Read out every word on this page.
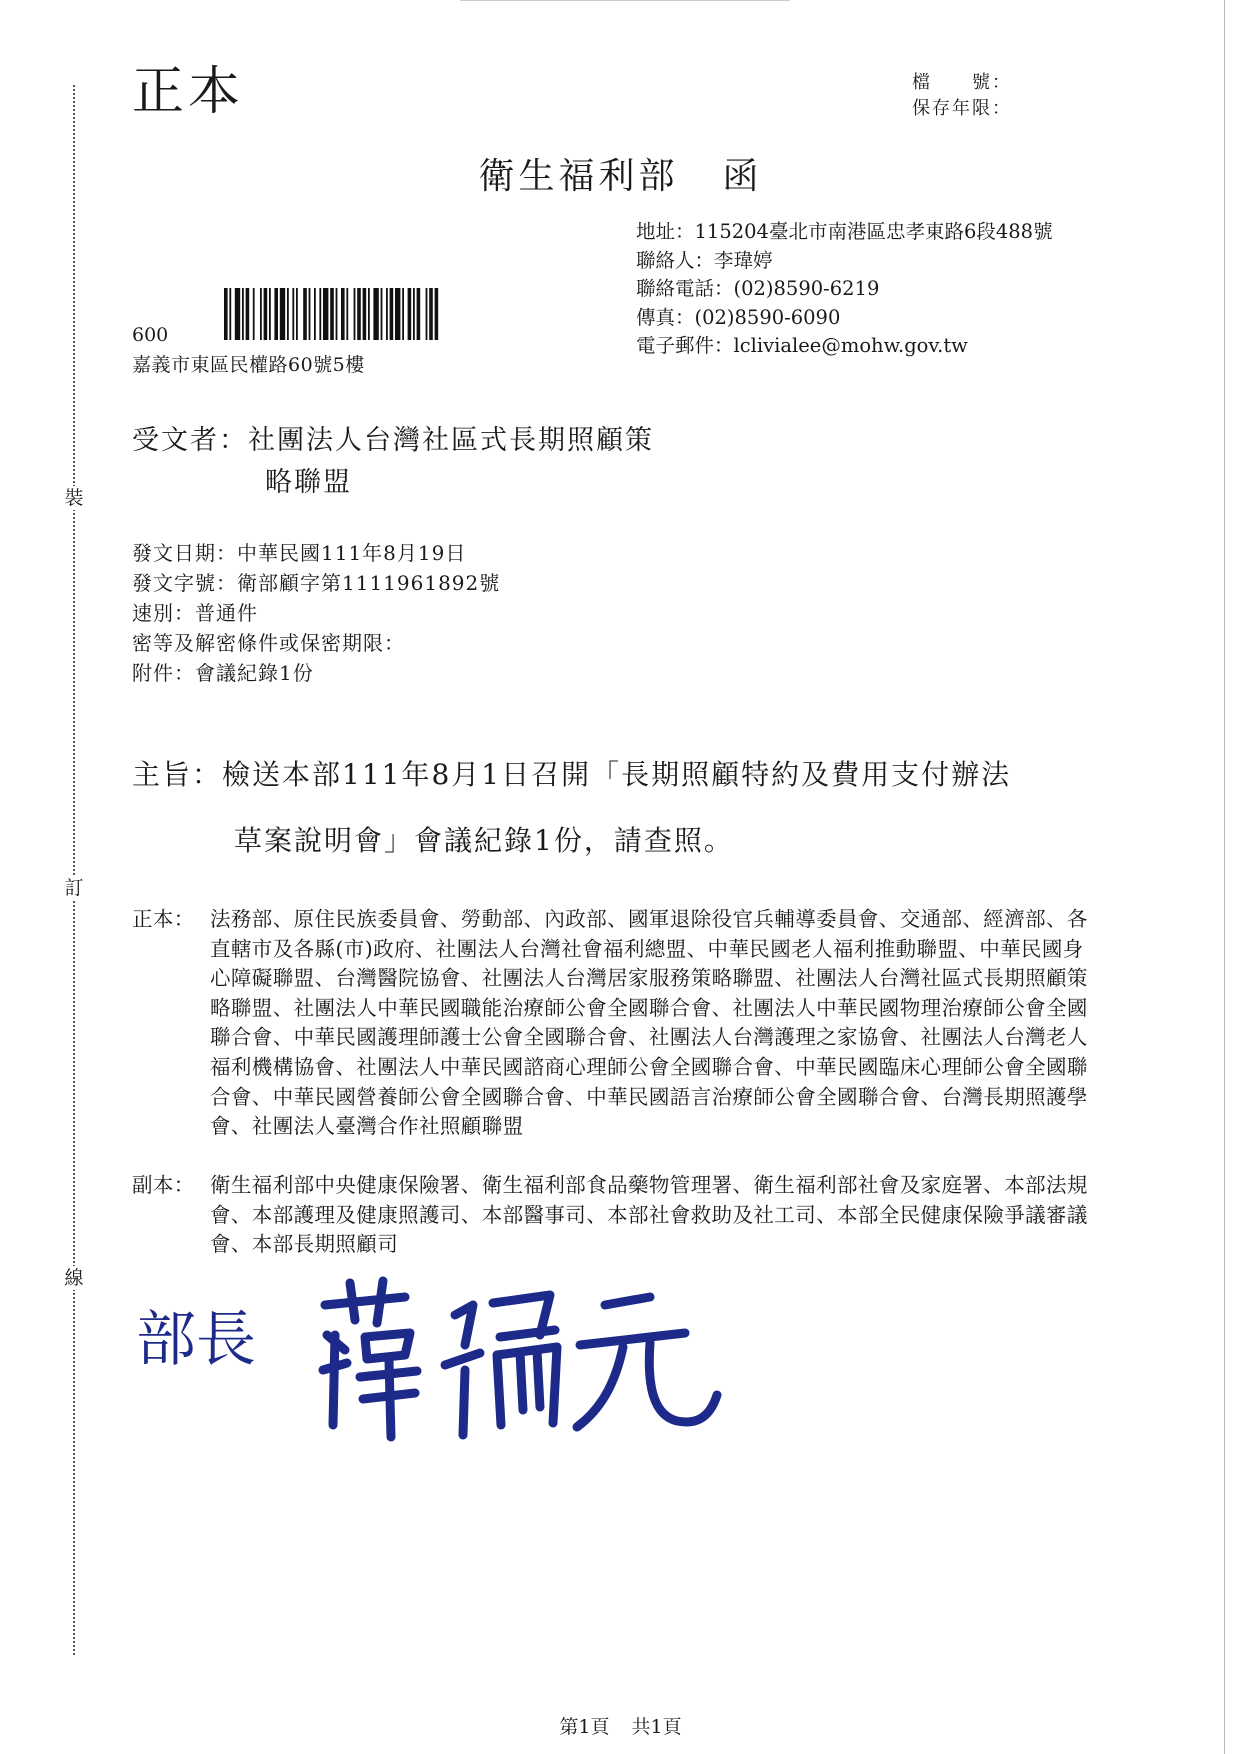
裝
訂
線
正本	檔　　號：
保存年限：
衛生福利部 函
地址：115204臺北市南港區忠孝東路6段488號
聯絡人：李瑋婷
聯絡電話：(02)8590-6219
傳真：(02)8590-6090
電子郵件：lclivialee@mohw.gov.tw
600
嘉義市東區民權路60號5樓
受文者：社團法人台灣社區式長期照顧策
略聯盟
發文日期：中華民國111年8月19日
發文字號：衛部顧字第1111961892號
速別：普通件
密等及解密條件或保密期限：
附件：會議紀錄1份
主旨：檢送本部111年8月1日召開「長期照顧特約及費用支付辦法
草案說明會」會議紀錄1份，請查照。
正本： 法務部、原住民族委員會、勞動部、內政部、國軍退除役官兵輔導委員會、交通部、經濟部、各直轄市及各縣(市)政府、社團法人台灣社會福利總盟、中華民國老人福利推動聯盟、中華民國身心障礙聯盟、台灣醫院協會、社團法人台灣居家服務策略聯盟、社團法人台灣社區式長期照顧策略聯盟、社團法人中華民國職能治療師公會全國聯合會、社團法人中華民國物理治療師公會全國聯合會、中華民國護理師護士公會全國聯合會、社團法人台灣護理之家協會、社團法人台灣老人福利機構協會、社團法人中華民國諮商心理師公會全國聯合會、中華民國臨床心理師公會全國聯合會、中華民國營養師公會全國聯合會、中華民國語言治療師公會全國聯合會、台灣長期照護學會、社團法人臺灣合作社照顧聯盟
副本： 衛生福利部中央健康保險署、衛生福利部食品藥物管理署、衛生福利部社會及家庭署、本部法規會、本部護理及健康照護司、本部醫事司、本部社會救助及社工司、本部全民健康保險爭議審議會、本部長期照顧司
部長
薛瑞元
第1頁 共1頁
